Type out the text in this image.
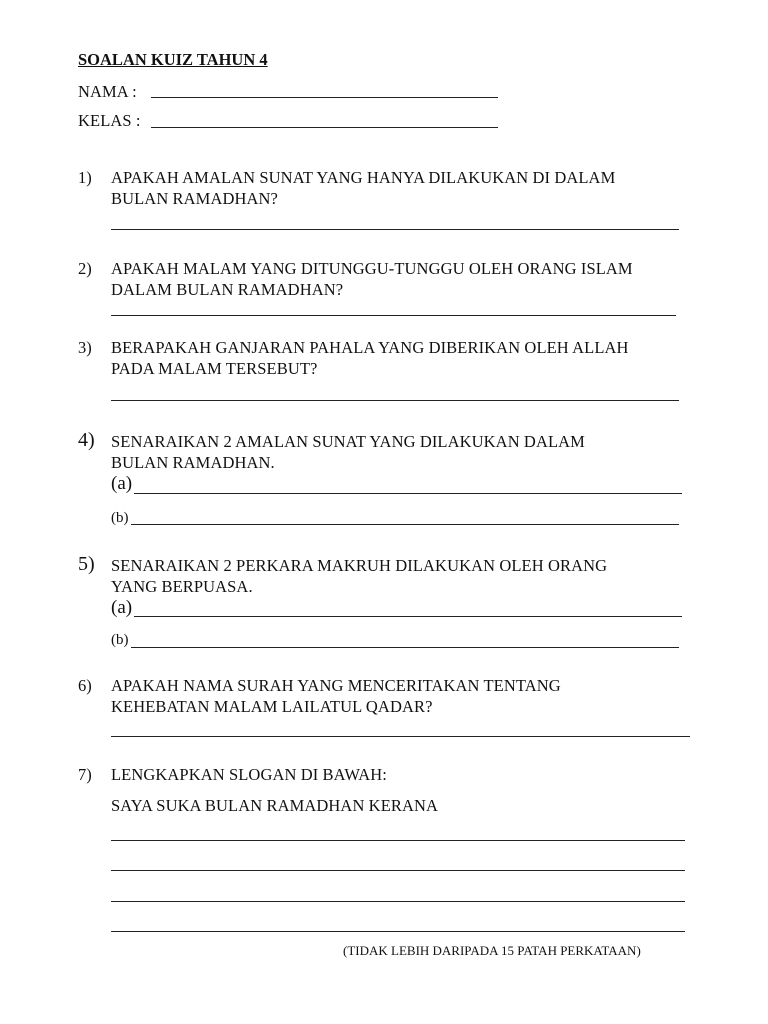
SOALAN KUIZ TAHUN 4
NAMA :
KELAS :
1) APAKAH AMALAN SUNAT YANG HANYA DILAKUKAN DI DALAM
BULAN RAMADHAN?
2) APAKAH MALAM YANG DITUNGGU-TUNGGU OLEH ORANG ISLAM
DALAM BULAN RAMADHAN?
3) BERAPAKAH GANJARAN PAHALA YANG DIBERIKAN OLEH ALLAH
PADA MALAM TERSEBUT?
4) SENARAIKAN 2 AMALAN SUNAT YANG DILAKUKAN DALAM
BULAN RAMADHAN.
(a)
(b)
5) SENARAIKAN 2 PERKARA MAKRUH DILAKUKAN OLEH ORANG
YANG BERPUASA.
(a)
(b)
6) APAKAH NAMA SURAH YANG MENCERITAKAN TENTANG
KEHEBATAN MALAM LAILATUL QADAR?
7) LENGKAPKAN SLOGAN DI BAWAH:
SAYA SUKA BULAN RAMADHAN KERANA
(TIDAK LEBIH DARIPADA 15 PATAH PERKATAAN)
